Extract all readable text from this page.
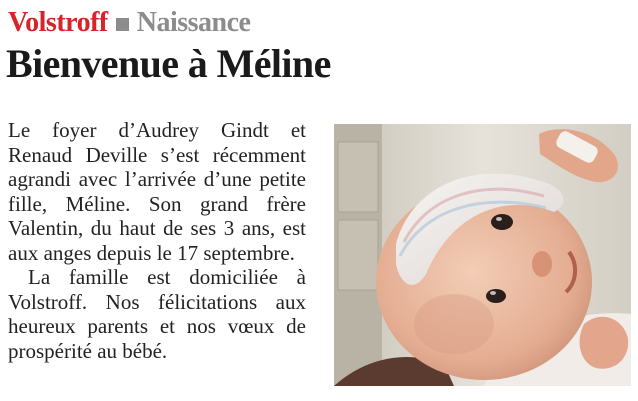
Volstroff Naissance
Bienvenue à Méline

Le foyer d’Audrey Gindt et Renaud Deville s’est récemment agrandi avec l’arrivée d’une petite fille, Méline. Son grand frère Valentin, du haut de ses 3 ans, est aux anges depuis le 17 septembre.

La famille est domiciliée à Volstroff. Nos félicitations aux heureux parents et nos vœux de prospérité au bébé.
